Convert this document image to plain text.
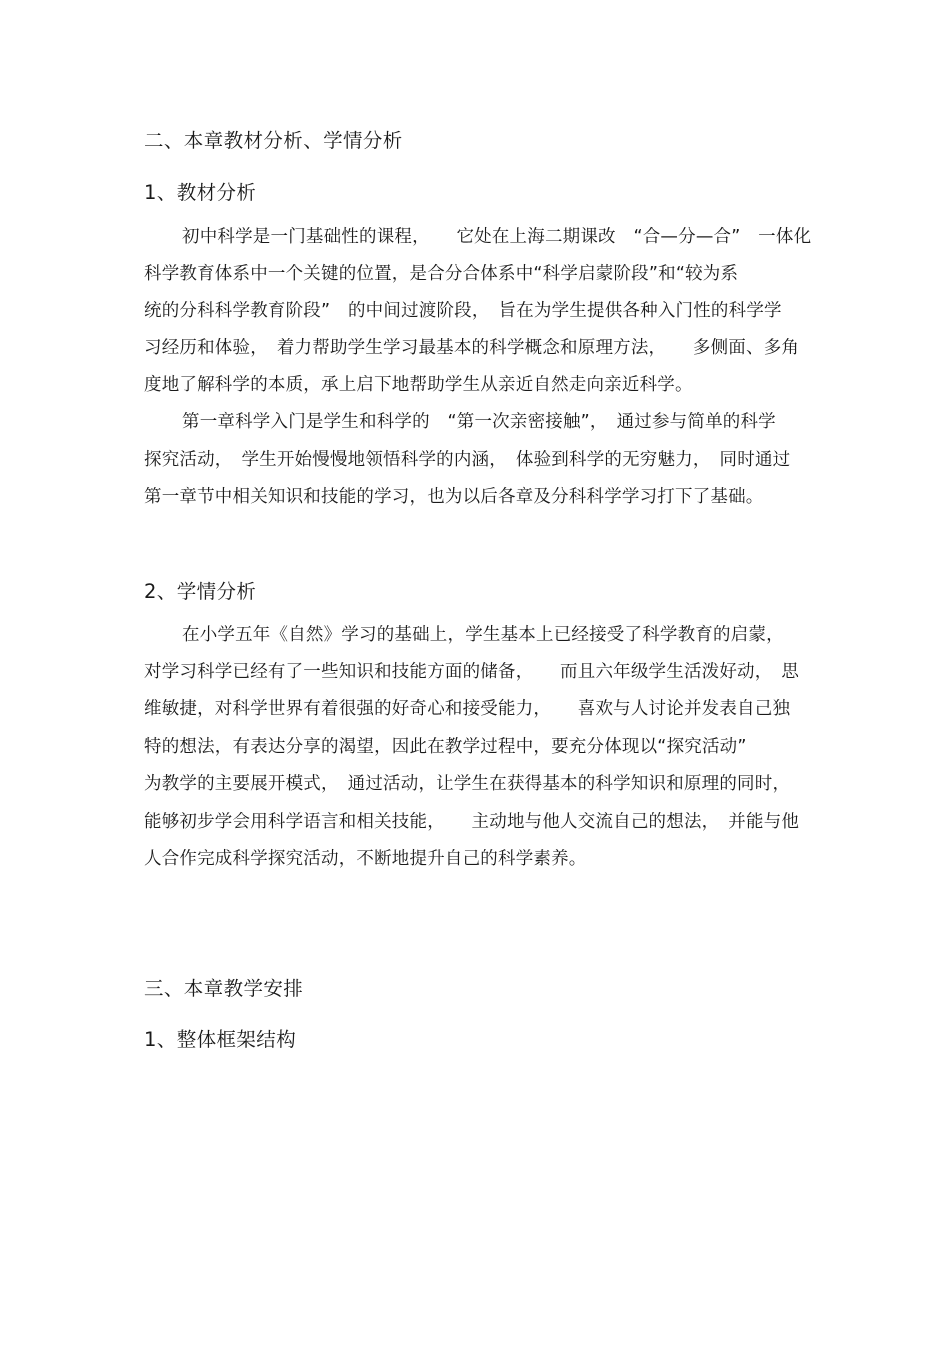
二、本章教材分析、学情分析
1、教材分析
初中科学是一门基础性的课程，　　它处在上海二期课改　“合—分—合”　一体化
科学教育体系中一个关键的位置，是合分合体系中“科学启蒙阶段”和“较为系
统的分科科学教育阶段”　的中间过渡阶段，　旨在为学生提供各种入门性的科学学
习经历和体验，　着力帮助学生学习最基本的科学概念和原理方法，　　多侧面、多角
度地了解科学的本质，承上启下地帮助学生从亲近自然走向亲近科学。
第一章科学入门是学生和科学的　“第一次亲密接触”，　通过参与简单的科学
探究活动，　学生开始慢慢地领悟科学的内涵，　体验到科学的无穷魅力，　同时通过
第一章节中相关知识和技能的学习，也为以后各章及分科科学学习打下了基础。
2、学情分析
在小学五年《自然》学习的基础上，学生基本上已经接受了科学教育的启蒙，
对学习科学已经有了一些知识和技能方面的储备，　　而且六年级学生活泼好动，　思
维敏捷，对科学世界有着很强的好奇心和接受能力，　　喜欢与人讨论并发表自己独
特的想法，有表达分享的渴望，因此在教学过程中，要充分体现以“探究活动”
为教学的主要展开模式，　通过活动，让学生在获得基本的科学知识和原理的同时，
能够初步学会用科学语言和相关技能，　　主动地与他人交流自己的想法，　并能与他
人合作完成科学探究活动，不断地提升自己的科学素养。
三、本章教学安排
1、整体框架结构
